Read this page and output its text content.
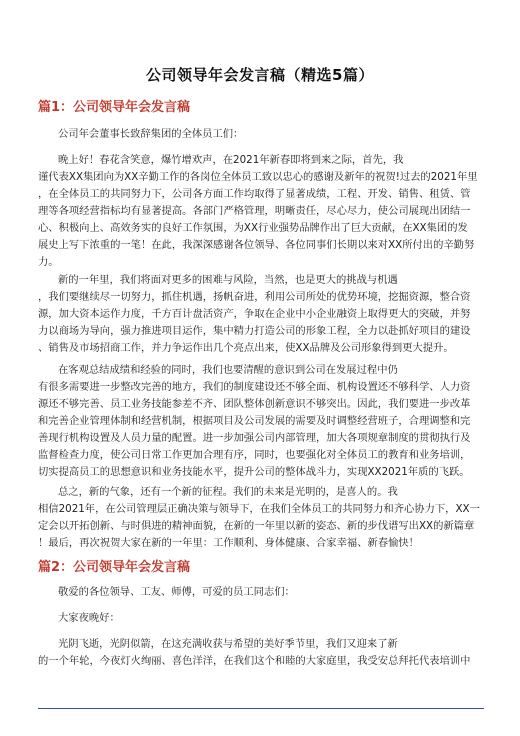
公司领导年会发言稿（精选5篇）
篇1：公司领导年会发言稿
公司年会董事长致辞集团的全体员工们：
晚上好！春花含笑意，爆竹增欢声，在2021年新春即将到来之际，首先，我
谨代表XX集团向为XX辛勤工作的各岗位全体员工致以忠心的感谢及新年的祝贺!过去的2021年里
，在全体员工的共同努力下，公司各方面工作均取得了显著成绩，工程、开发、销售、租赁、管
理等各项经营指标均有显著提高。各部门严格管理，明晰责任，尽心尽力，使公司展现出团结一
心、积极向上、高效务实的良好工作氛围，为XX行业强势品牌作出了巨大贡献，在XX集团的发
展史上写下浓重的一笔！在此，我深深感谢各位领导、各位同事们长期以来对XX所付出的辛勤努
力。
新的一年里，我们将面对更多的困难与风险，当然，也是更大的挑战与机遇
，我们要继续尽一切努力，抓住机遇，扬帆奋进，利用公司所处的优势环境，挖掘资源，整合资
源，加大资本运作力度，千方百计盘活资产，争取在企业中小企业融资上取得更大的突破，并努
力以商场为导向，强力推进项目运作，集中精力打造公司的形象工程，全力以赴抓好项目的建设
、销售及市场招商工作，并力争运作出几个亮点出来，使XX品牌及公司形象得到更大提升。
在客观总结成绩和经验的同时，我们也要清醒的意识到公司在发展过程中仍
有很多需要进一步整改完善的地方，我们的制度建设还不够全面、机构设置还不够科学、人力资
源还不够完善、员工业务技能参差不齐、团队整体创新意识不够突出。因此，我们要进一步改革
和完善企业管理体制和经营机制，根据项目及公司发展的需要及时调整经营班子，合理调整和完
善现行机构设置及人员力量的配置。进一步加强公司内部管理，加大各项规章制度的贯彻执行及
监督检查力度，使公司日常工作更加合理有序，同时，也要强化对全体员工的教育和业务培训，
切实提高员工的思想意识和业务技能水平，提升公司的整体战斗力，实现XX2021年质的飞跃。
总之，新的气象，还有一个新的征程。我们的未来是光明的，是喜人的。我
相信2021年，在公司管理层正确决策与领导下，在我们全体员工的共同努力和齐心协力下，XX一
定会以开拓创新、与时俱进的精神面貌，在新的一年里以新的姿态、新的步伐谱写出XX的新篇章
！最后，再次祝贺大家在新的一年里：工作顺利、身体健康、合家幸福、新春愉快！
篇2：公司领导年会发言稿
敬爱的各位领导、工友、师傅，可爱的员工同志们：
大家夜晚好：
光阴飞逝，光阴似箭，在这充满收获与希望的美好季节里，我们又迎来了新
的一个年轮，今夜灯火绚丽、喜色洋洋，在我们这个和睦的大家庭里，我受安总拜托代表培训中
